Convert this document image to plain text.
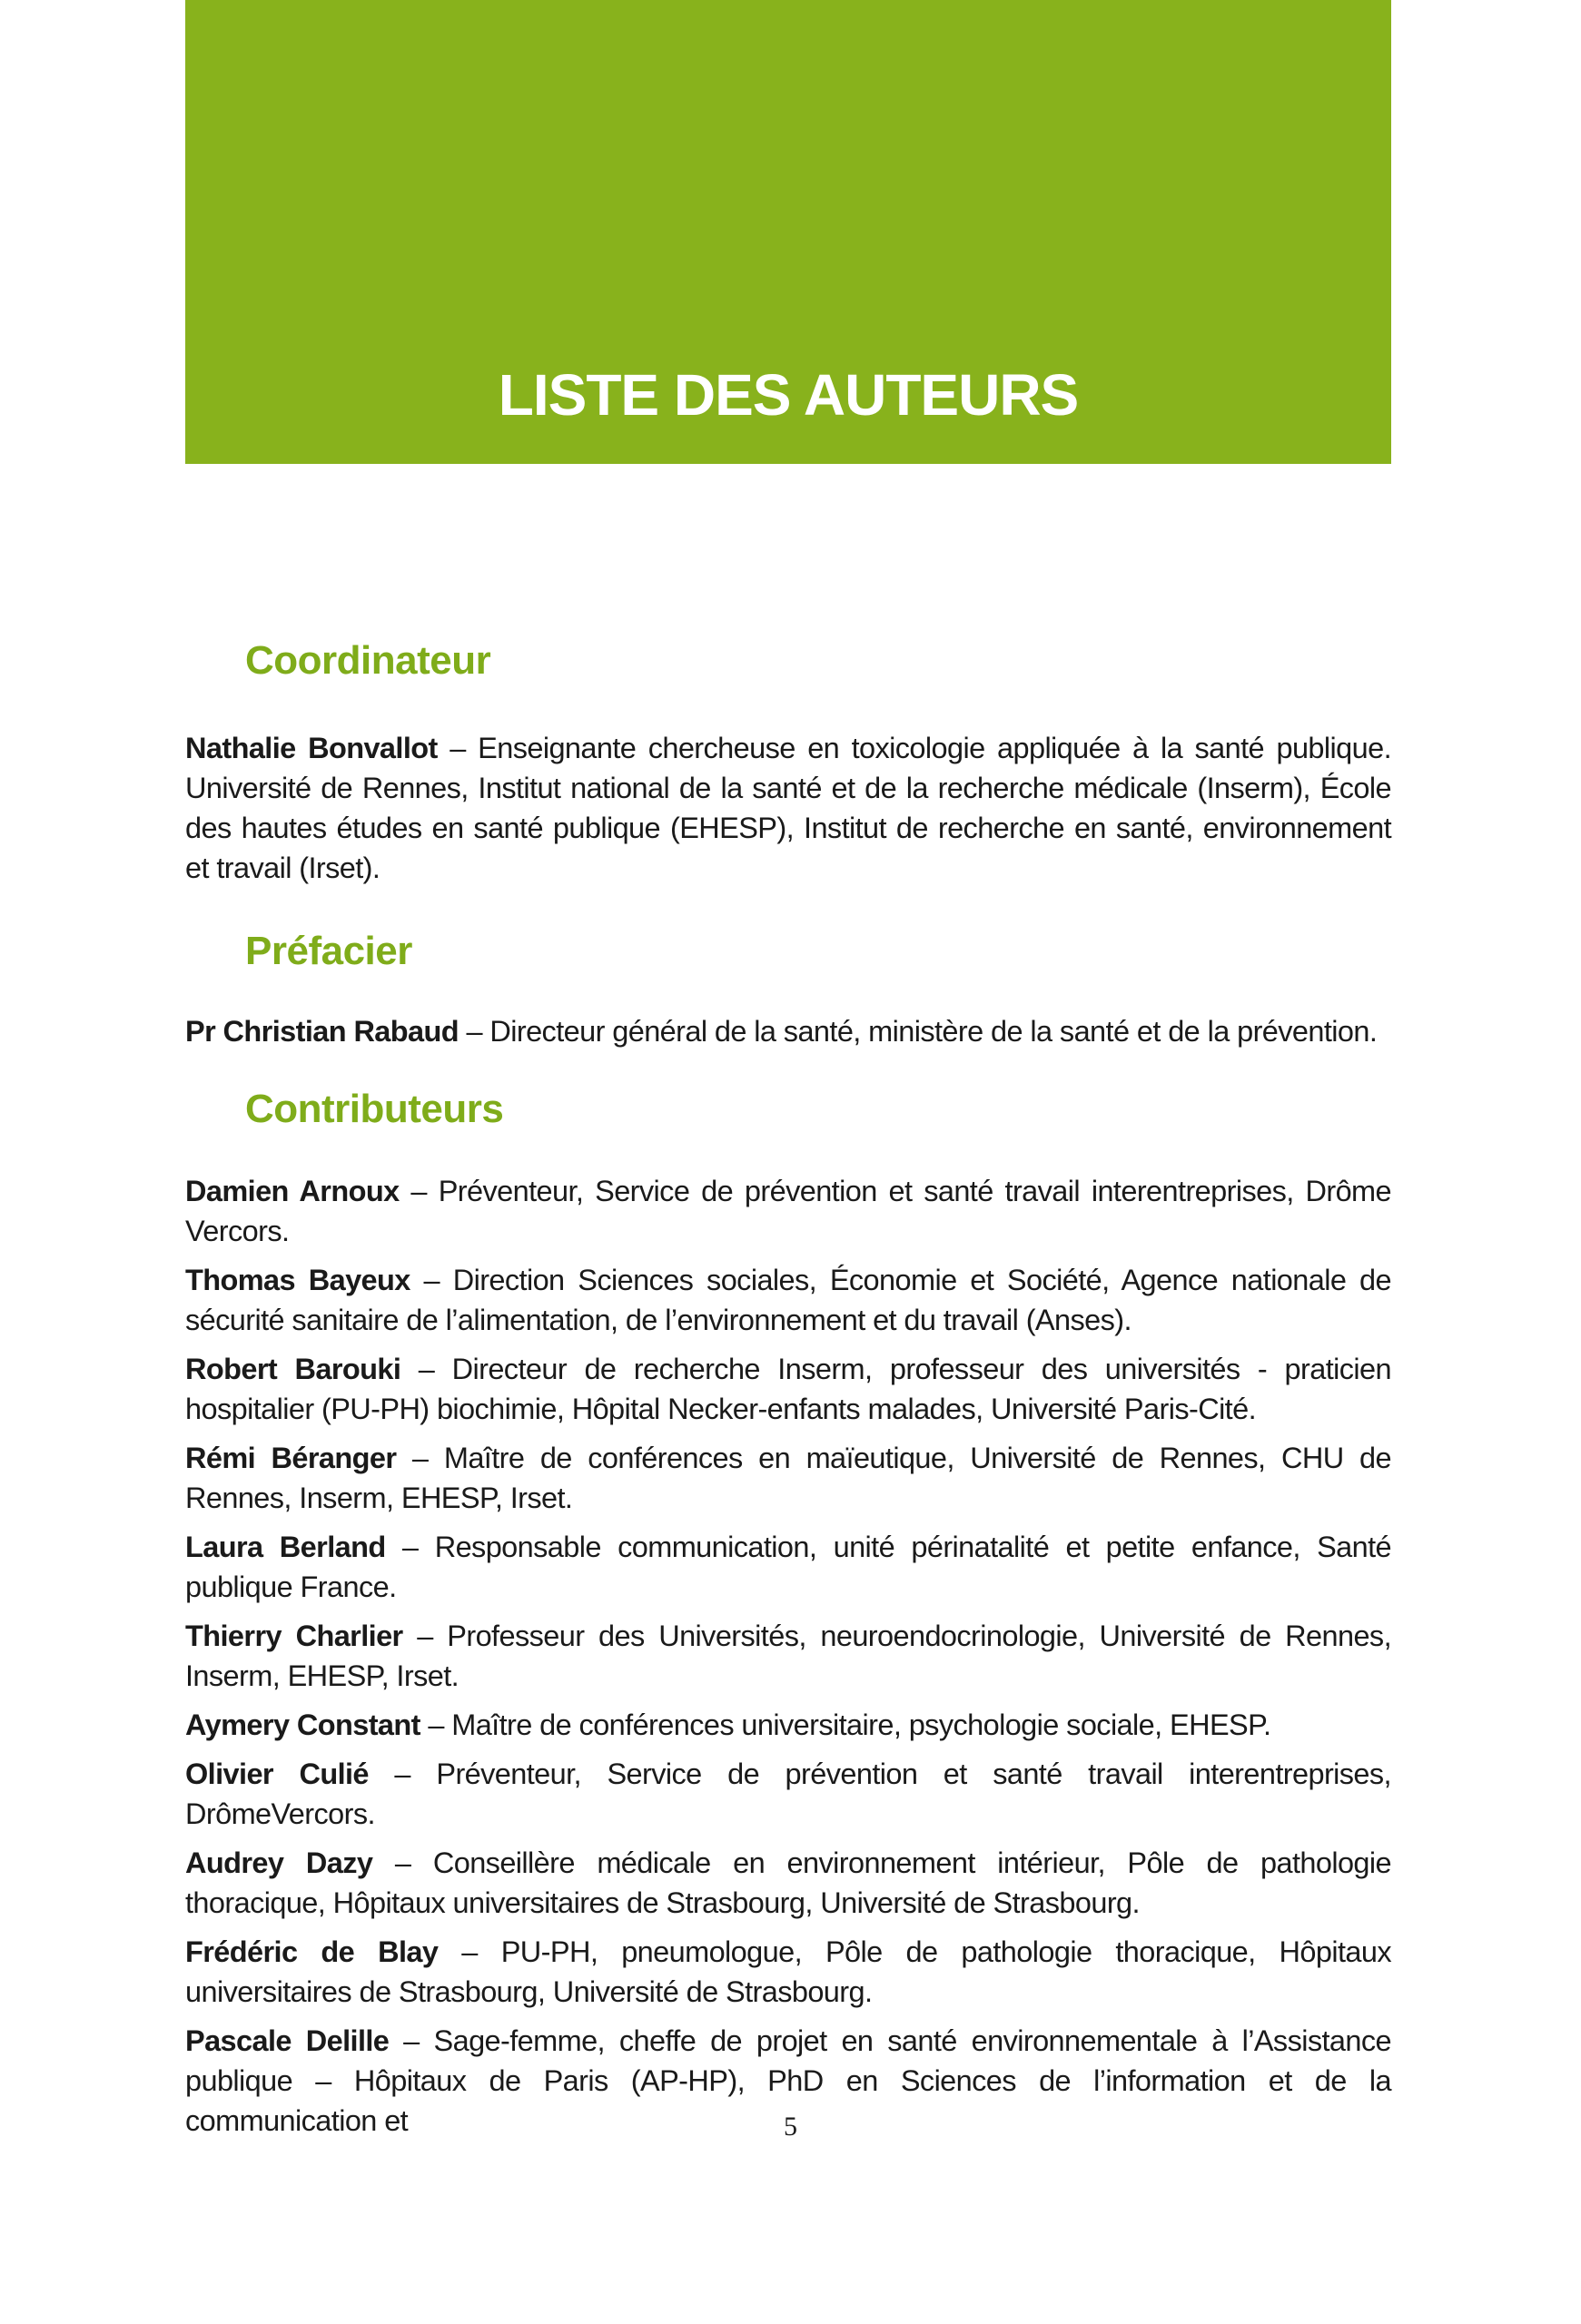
LISTE DES AUTEURS
Coordinateur

Nathalie Bonvallot – Enseignante chercheuse en toxicologie appliquée à la santé publique. Université de Rennes, Institut national de la santé et de la recherche médicale (Inserm), École des hautes études en santé publique (EHESP), Institut de recherche en santé, environnement et travail (Irset).

Préfacier

Pr Christian Rabaud – Directeur général de la santé, ministère de la santé et de la prévention.

Contributeurs

Damien Arnoux – Préventeur, Service de prévention et santé travail interentreprises, Drôme Vercors.

Thomas Bayeux – Direction Sciences sociales, Économie et Société, Agence nationale de sécurité sanitaire de l’alimentation, de l’environnement et du travail (Anses).

Robert Barouki – Directeur de recherche Inserm, professeur des universités - praticien hospitalier (PU-PH) biochimie, Hôpital Necker-enfants malades, Université Paris-Cité.

Rémi Béranger – Maître de conférences en maïeutique, Université de Rennes, CHU de Rennes, Inserm, EHESP, Irset.

Laura Berland – Responsable communication, unité périnatalité et petite enfance, Santé publique France.

Thierry Charlier – Professeur des Universités, neuroendocrinologie, Université de Rennes, Inserm, EHESP, Irset.

Aymery Constant – Maître de conférences universitaire, psychologie sociale, EHESP.

Olivier Culié – Préventeur, Service de prévention et santé travail interentreprises, DrômeVercors.

Audrey Dazy – Conseillère médicale en environnement intérieur, Pôle de pathologie thoracique, Hôpitaux universitaires de Strasbourg, Université de Strasbourg.

Frédéric de Blay – PU-PH, pneumologue, Pôle de pathologie thoracique, Hôpitaux universitaires de Strasbourg, Université de Strasbourg.

Pascale Delille – Sage-femme, cheffe de projet en santé environnementale à l’Assistance publique – Hôpitaux de Paris (AP-HP), PhD en Sciences de l’information et de la communication et	5
